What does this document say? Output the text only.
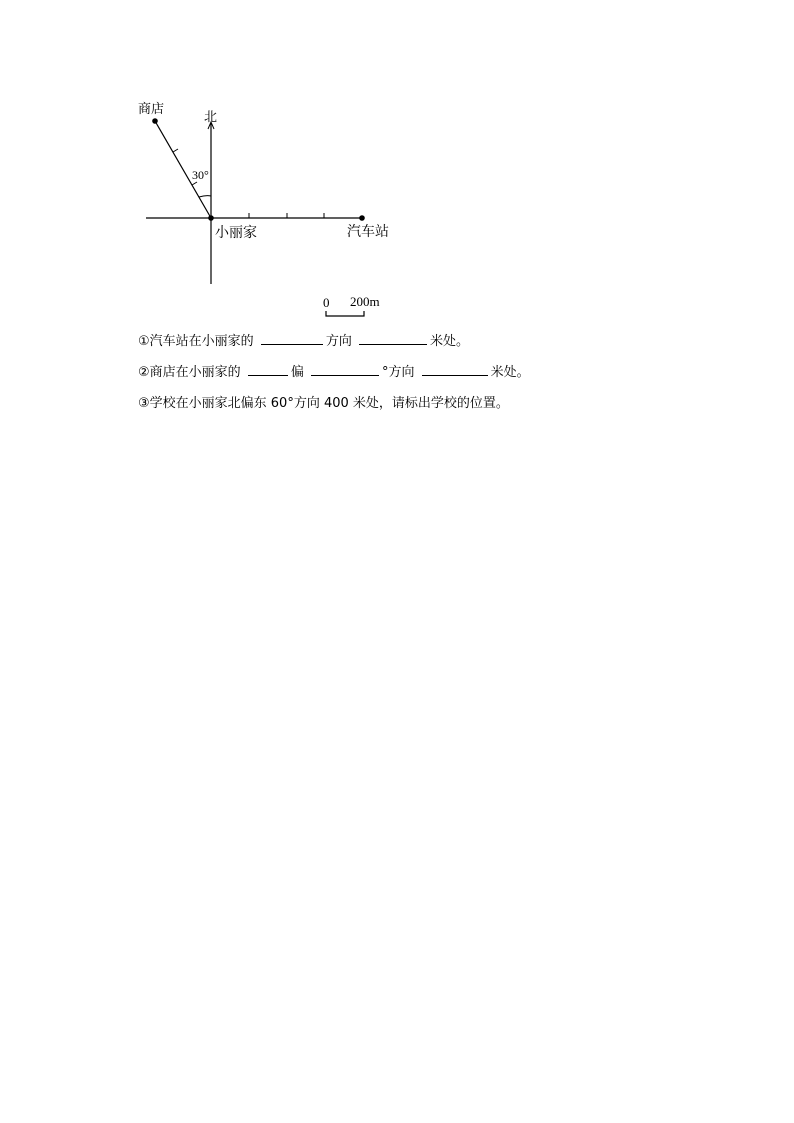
商店
北
30°
小丽家	汽车站
0 200m
①汽车站在小丽家的	方向	米处。
②商店在小丽家的	偏	°方向	米处。
③学校在小丽家北偏东 60°方向 400 米处，请标出学校的位置。
